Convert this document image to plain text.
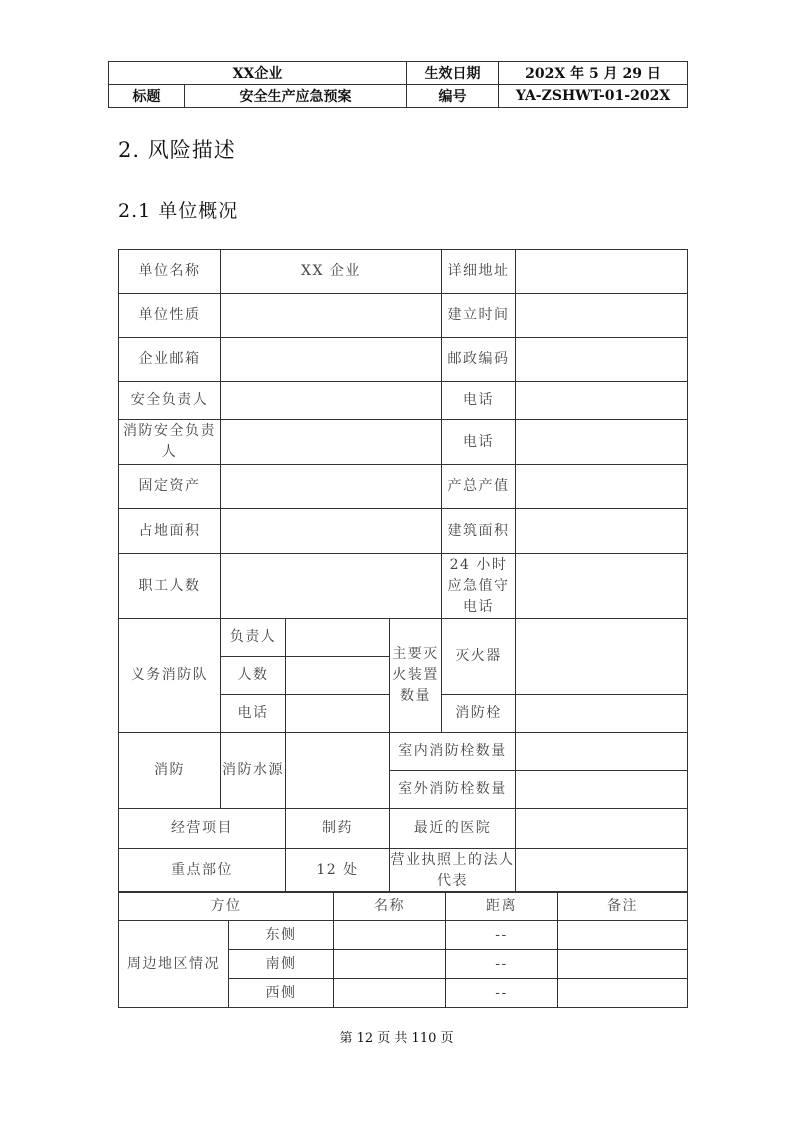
XX企业		生效日期	202X 年 5 月 29 日
标题	安全生产应急预案	编号	YA-ZSHWT-01-202X
2. 风险描述
2.1 单位概况
单位名称	XX 企业			详细地址	
单位性质				建立时间	
企业邮箱				邮政编码	
安全负责人				电话	
消防安全负责人				电话	
固定资产				产总产值	
占地面积				建筑面积	
职工人数				24 小时应急值守电话	
义务消防队	负责人		主要灭火装置数量	灭火器	
	人数				
	电话			消防栓	
消防	消防水源		室内消防栓数量		
			室外消防栓数量		
经营项目		制药	最近的医院		
重点部位		12 处	营业执照上的法人代表		
方位		名称	距离	备注
周边地区情况	东侧		--	
	南侧		--	
	西侧		--	
第 12 页 共 110 页
